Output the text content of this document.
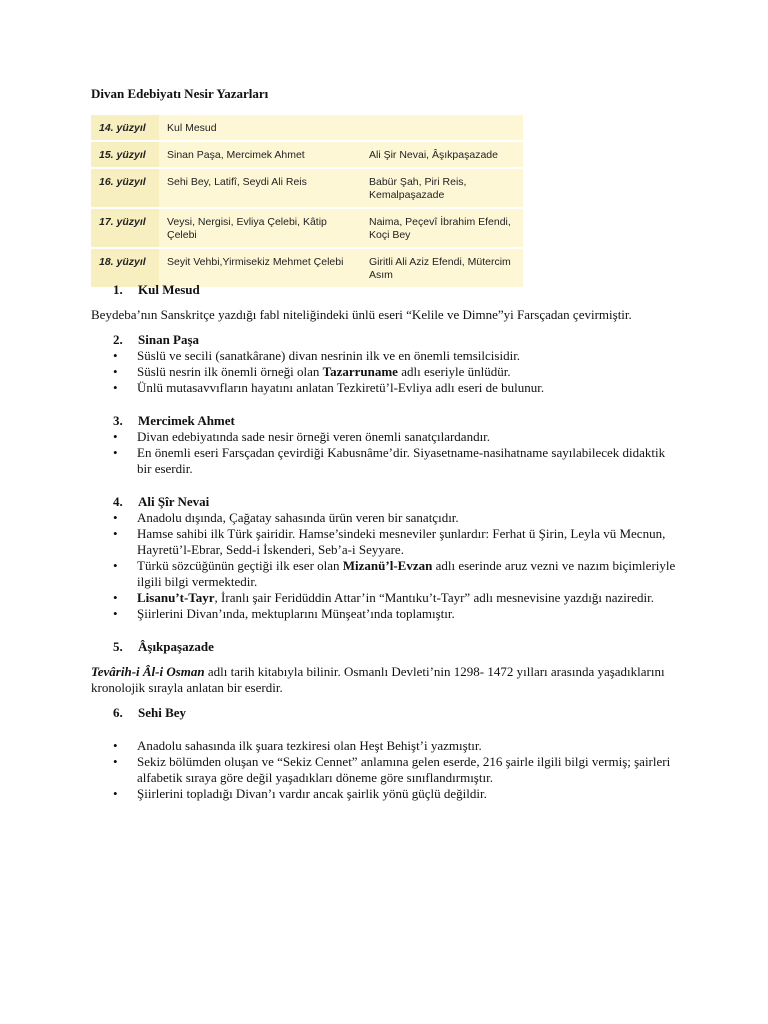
Divan Edebiyatı Nesir Yazarları
14. yüzyıl	Kul Mesud	
15. yüzyıl	Sinan Paşa, Mercimek Ahmet	Ali Şir Nevai, Âşıkpaşazade
16. yüzyıl	Sehi Bey, Latifî, Seydi Ali Reis	Babür Şah, Piri Reis, Kemalpaşazade
17. yüzyıl	Veysi, Nergisi, Evliya Çelebi, Kâtip Çelebi	Naima, Peçevî İbrahim Efendi, Koçi Bey
18. yüzyıl	Seyit Vehbi,Yirmisekiz Mehmet Çelebi	Giritli Ali Aziz Efendi, Mütercim Asım
1. Kul Mesud

Beydeba’nın Sanskritçe yazdığı fabl niteliğindeki ünlü eseri “Kelile ve Dimne”yi Farsçadan çevirmiştir.

2. Sinan Paşa
• Süslü ve secili (sanatkârane) divan nesrinin ilk ve en önemli temsilcisidir.
• Süslü nesrin ilk önemli örneği olan Tazarruname adlı eseriyle ünlüdür.
• Ünlü mutasavvıfların hayatını anlatan Tezkiretü’l-Evliya adlı eseri de bulunur.
3. Mercimek Ahmet
• Divan edebiyatında sade nesir örneği veren önemli sanatçılardandır.
• En önemli eseri Farsçadan çevirdiği Kabusnâme’dir. Siyasetname-nasihatname sayılabilecek didaktik bir eserdir.
4. Ali Şîr Nevai
• Anadolu dışında, Çağatay sahasında ürün veren bir sanatçıdır.
• Hamse sahibi ilk Türk şairidir. Hamse’sindeki mesneviler şunlardır: Ferhat ü Şirin, Leyla vü Mecnun, Hayretü’l-Ebrar, Sedd-i İskenderi, Seb’a-i Seyyare.
• Türkü sözcüğünün geçtiği ilk eser olan Mizanü’l-Evzan adlı eserinde aruz vezni ve nazım biçimleriyle ilgili bilgi vermektedir.
• Lisanu’t-Tayr, İranlı şair Feridüddin Attar’in “Mantıku’t-Tayr” adlı mesnevisine yazdığı naziredir.
• Şiirlerini Divan’ında, mektuplarını Münşeat’ında toplamıştır.
5. Âşıkpaşazade

Tevârih-i Âl-i Osman adlı tarih kitabıyla bilinir. Osmanlı Devleti’nin 1298- 1472 yılları arasında yaşadıklarını kronolojik sırayla anlatan bir eserdir.

6. Sehi Bey
• Anadolu sahasında ilk şuara tezkiresi olan Heşt Behişt’i yazmıştır.
• Sekiz bölümden oluşan ve “Sekiz Cennet” anlamına gelen eserde, 216 şairle ilgili bilgi vermiş; şairleri alfabetik sıraya göre değil yaşadıkları döneme göre sınıflandırmıştır.
• Şiirlerini topladığı Divan’ı vardır ancak şairlik yönü güçlü değildir.
